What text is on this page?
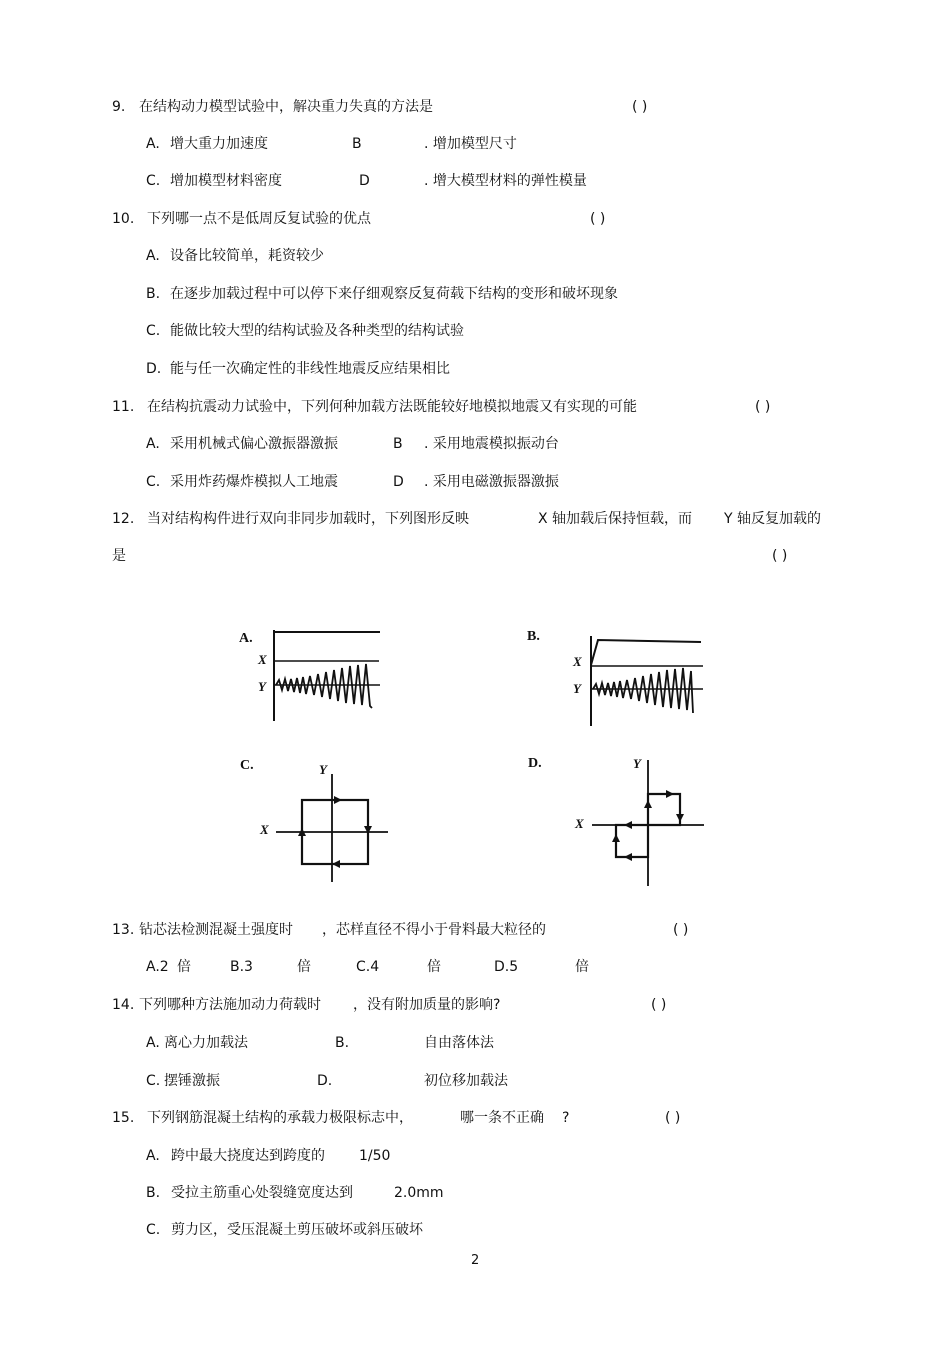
9. 在结构动力模型试验中，解决重力失真的方法是	( )
A. 增大重力加速度	B	. 增加模型尺寸
C. 增加模型材料密度	D	. 增大模型材料的弹性模量
10. 下列哪一点不是低周反复试验的优点	( )
A. 设备比较简单，耗资较少
B. 在逐步加载过程中可以停下来仔细观察反复荷载下结构的变形和破坏现象
C. 能做比较大型的结构试验及各种类型的结构试验
D. 能与任一次确定性的非线性地震反应结果相比
11. 在结构抗震动力试验中，下列何种加载方法既能较好地模拟地震又有实现的可能	( )
A. 采用机械式偏心激振器激振	B . 采用地震模拟振动台
C. 采用炸药爆炸模拟人工地震	D . 采用电磁激振器激振
12. 当对结构构件进行双向非同步加载时，下列图形反映	X 轴加载后保持恒载，而 Y 轴反复加载的
是	( )
A.
X
Y
B.
X
Y
C.	Y
X
D.	Y
X
13. 钻芯法检测混凝土强度时 ，芯样直径不得小于骨料最大粒径的	( )
A.2 倍	B.3	倍	C.4	倍	D.5	倍
14. 下列哪种方法施加动力荷载时 ，没有附加质量的影响?	( )
A. 离心力加载法	B.	自由落体法
C. 摆锤激振	D.	初位移加载法
15. 下列钢筋混凝土结构的承载力极限标志中，	哪一条不正确 ?	( )
A. 跨中最大挠度达到跨度的 1/50
B. 受拉主筋重心处裂缝宽度达到	2.0mm
C. 剪力区，受压混凝土剪压破坏或斜压破坏
2
